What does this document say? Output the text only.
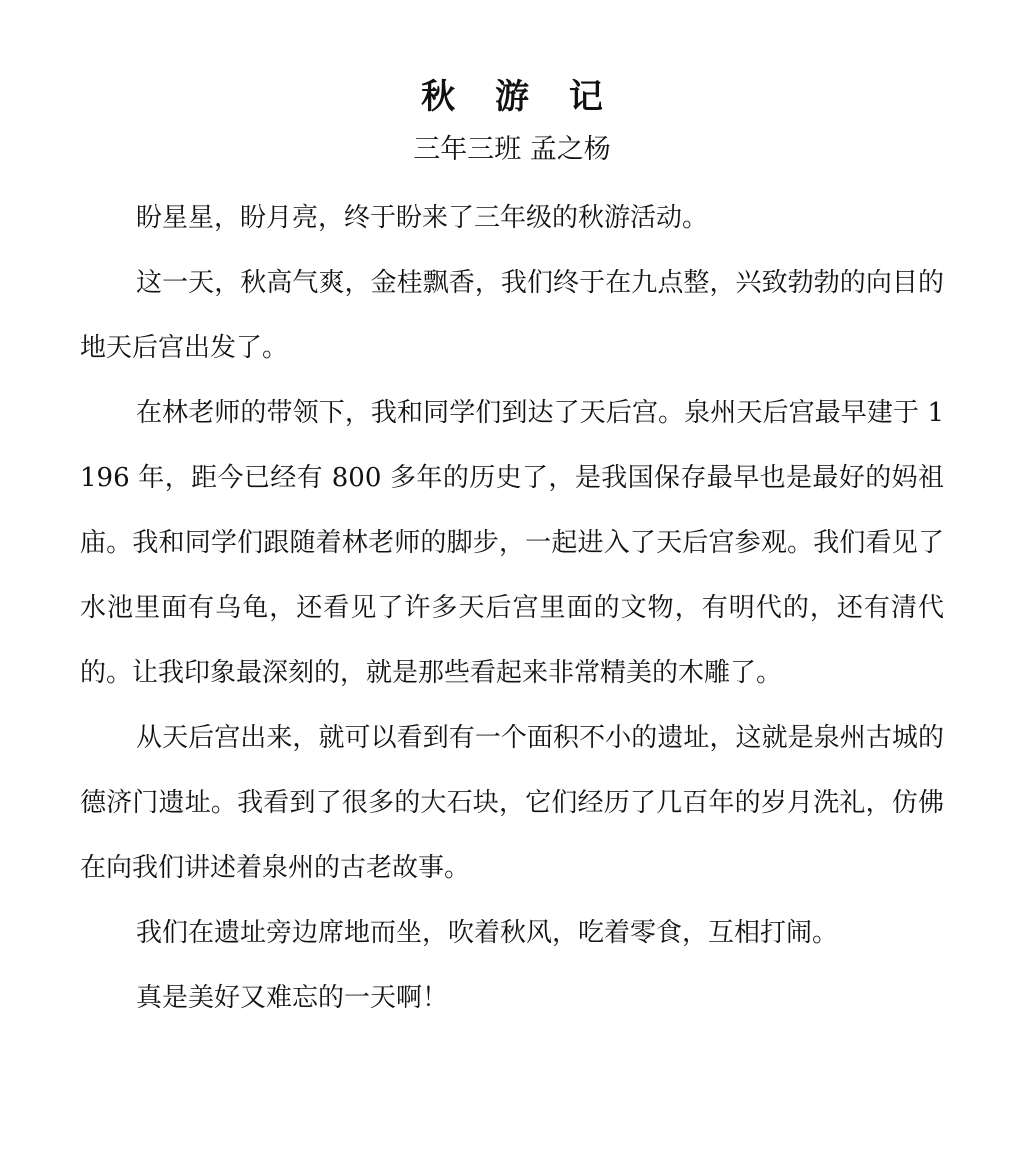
秋 游 记
三年三班 孟之杨

盼星星，盼月亮，终于盼来了三年级的秋游活动。

这一天，秋高气爽，金桂飘香，我们终于在九点整，兴致勃勃的向目的地天后宫出发了。

在林老师的带领下，我和同学们到达了天后宫。泉州天后宫最早建于 1196 年，距今已经有 800 多年的历史了，是我国保存最早也是最好的妈祖庙。我和同学们跟随着林老师的脚步，一起进入了天后宫参观。我们看见了水池里面有乌龟，还看见了许多天后宫里面的文物，有明代的，还有清代的。让我印象最深刻的，就是那些看起来非常精美的木雕了。

从天后宫出来，就可以看到有一个面积不小的遗址，这就是泉州古城的德济门遗址。我看到了很多的大石块，它们经历了几百年的岁月洗礼，仿佛在向我们讲述着泉州的古老故事。

我们在遗址旁边席地而坐，吹着秋风，吃着零食，互相打闹。

真是美好又难忘的一天啊！
